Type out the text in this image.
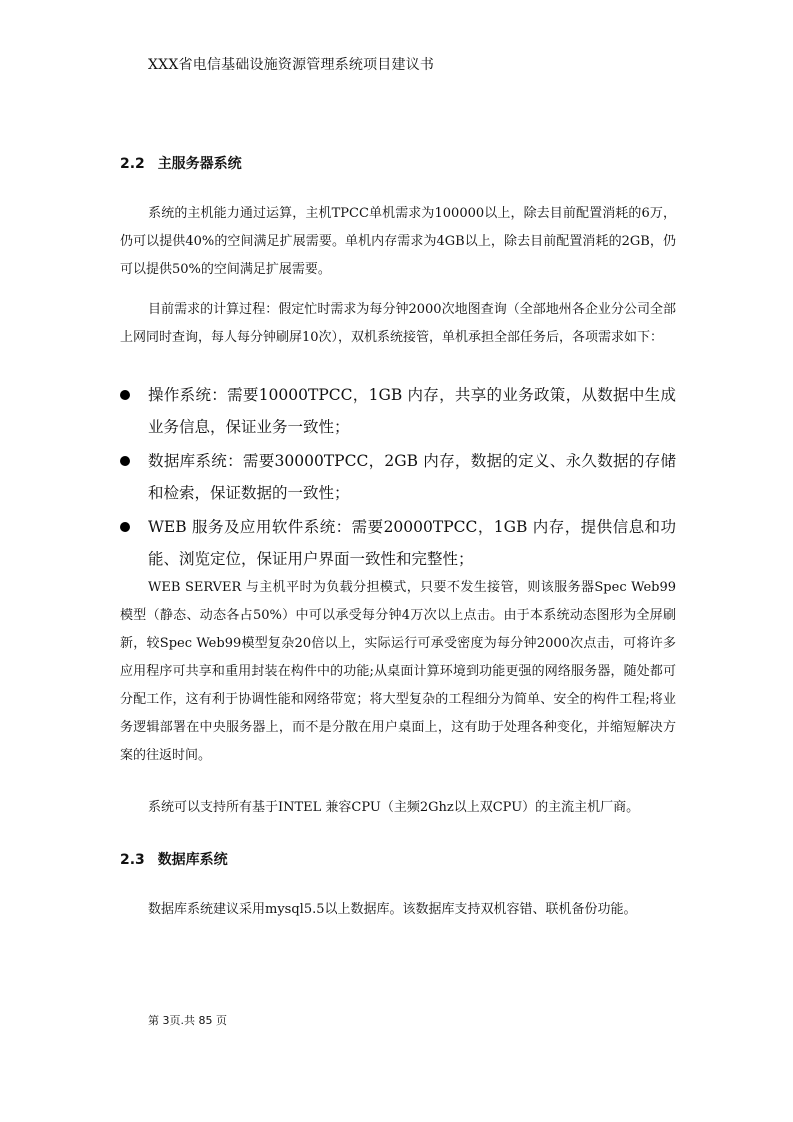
XXX省电信基础设施资源管理系统项目建议书
2.2 主服务器系统

系统的主机能力通过运算，主机TPCC单机需求为100000以上，除去目前配置消耗的6万，仍可以提供40%的空间满足扩展需要。单机内存需求为4GB以上，除去目前配置消耗的2GB，仍可以提供50%的空间满足扩展需要。

目前需求的计算过程：假定忙时需求为每分钟2000次地图查询（全部地州各企业分公司全部上网同时查询，每人每分钟刷屏10次），双机系统接管，单机承担全部任务后，各项需求如下：

操作系统：需要10000TPCC，1GB 内存，共享的业务政策，从数据中生成业务信息，保证业务一致性；
数据库系统：需要30000TPCC，2GB 内存，数据的定义、永久数据的存储和检索，保证数据的一致性；
WEB 服务及应用软件系统：需要20000TPCC，1GB 内存，提供信息和功能、浏览定位，保证用户界面一致性和完整性；

WEB SERVER 与主机平时为负载分担模式，只要不发生接管，则该服务器Spec Web99模型（静态、动态各占50%）中可以承受每分钟4万次以上点击。由于本系统动态图形为全屏刷新，较Spec Web99模型复杂20倍以上，实际运行可承受密度为每分钟2000次点击，可将许多应用程序可共享和重用封装在构件中的功能;从桌面计算环境到功能更强的网络服务器，随处都可分配工作，这有利于协调性能和网络带宽；将大型复杂的工程细分为简单、安全的构件工程;将业务逻辑部署在中央服务器上，而不是分散在用户桌面上，这有助于处理各种变化，并缩短解决方案的往返时间。

系统可以支持所有基于INTEL 兼容CPU（主频2Ghz以上双CPU）的主流主机厂商。

2.3 数据库系统

数据库系统建议采用mysql5.5以上数据库。该数据库支持双机容错、联机备份功能。

第 3页.共 85 页
